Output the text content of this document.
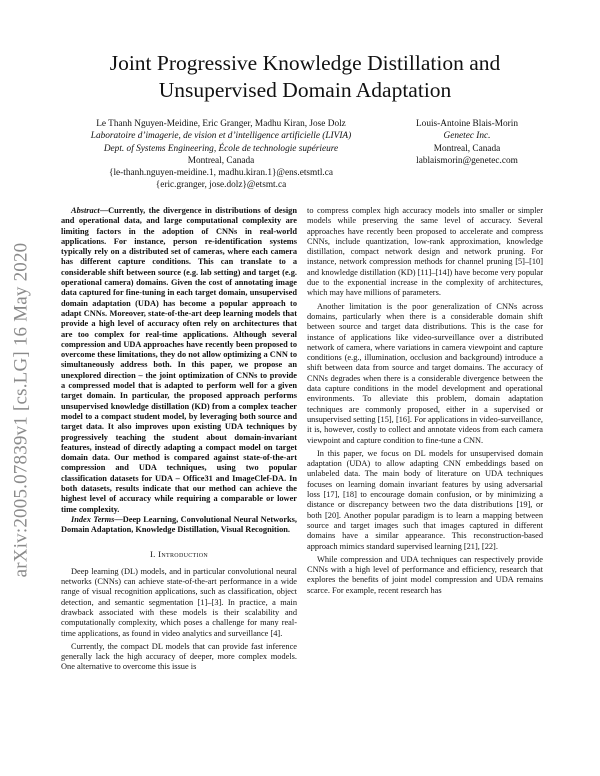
arXiv:2005.07839v1 [cs.LG] 16 May 2020
Joint Progressive Knowledge Distillation and Unsupervised Domain Adaptation
Le Thanh Nguyen-Meidine, Eric Granger, Madhu Kiran, Jose Dolz
Laboratoire d’imagerie, de vision et d’intelligence artificielle (LIVIA)
Dept. of Systems Engineering, École de technologie supérieure
Montreal, Canada
{le-thanh.nguyen-meidine.1, madhu.kiran.1}@ens.etsmtl.ca
{eric.granger, jose.dolz}@etsmt.ca
Louis-Antoine Blais-Morin
Genetec Inc.
Montreal, Canada
lablaismorin@genetec.com

Abstract—Currently, the divergence in distributions of design and operational data, and large computational complexity are limiting factors in the adoption of CNNs in real-world applications. For instance, person re-identification systems typically rely on a distributed set of cameras, where each camera has different capture conditions. This can translate to a considerable shift between source (e.g. lab setting) and target (e.g. operational camera) domains. Given the cost of annotating image data captured for fine-tuning in each target domain, unsupervised domain adaptation (UDA) has become a popular approach to adapt CNNs. Moreover, state-of-the-art deep learning models that provide a high level of accuracy often rely on architectures that are too complex for real-time applications. Although several compression and UDA approaches have recently been proposed to overcome these limitations, they do not allow optimizing a CNN to simultaneously address both. In this paper, we propose an unexplored direction – the joint optimization of CNNs to provide a compressed model that is adapted to perform well for a given target domain. In particular, the proposed approach performs unsupervised knowledge distillation (KD) from a complex teacher model to a compact student model, by leveraging both source and target data. It also improves upon existing UDA techniques by progressively teaching the student about domain-invariant features, instead of directly adapting a compact model on target domain data. Our method is compared against state-of-the-art compression and UDA techniques, using two popular classification datasets for UDA – Office31 and ImageClef-DA. In both datasets, results indicate that our method can achieve the highest level of accuracy while requiring a comparable or lower time complexity.

Index Terms—Deep Learning, Convolutional Neural Networks, Domain Adaptation, Knowledge Distillation, Visual Recognition.

I. Introduction

Deep learning (DL) models, and in particular convolutional neural networks (CNNs) can achieve state-of-the-art performance in a wide range of visual recognition applications, such as classification, object detection, and semantic segmentation [1]–[3]. In practice, a main drawback associated with these models is their scalability and computationally complexity, which poses a challenge for many real-time applications, as found in video analytics and surveillance [4].

Currently, the compact DL models that can provide fast inference generally lack the high accuracy of deeper, more complex models. One alternative to overcome this issue is

to compress complex high accuracy models into smaller or simpler models while preserving the same level of accuracy. Several approaches have recently been proposed to accelerate and compress CNNs, include quantization, low-rank approximation, knowledge distillation, compact network design and network pruning. For instance, network compression methods for channel pruning [5]–[10] and knowledge distillation (KD) [11]–[14]) have become very popular due to the exponential increase in the complexity of architectures, which may have millions of parameters.

Another limitation is the poor generalization of CNNs across domains, particularly when there is a considerable domain shift between source and target data distributions. This is the case for instance of applications like video-surveillance over a distributed network of camera, where variations in camera viewpoint and capture conditions (e.g., illumination, occlusion and background) introduce a shift between data from source and target domains. The accuracy of CNNs degrades when there is a considerable divergence between the data capture conditions in the model development and operational environments. To alleviate this problem, domain adaptation techniques are commonly proposed, either in a supervised or unsupervised setting [15], [16]. For applications in video-surveillance, it is, however, costly to collect and annotate videos from each camera viewpoint and capture condition to fine-tune a CNN.

In this paper, we focus on DL models for unsupervised domain adaptation (UDA) to allow adapting CNN embeddings based on unlabeled data. The main body of literature on UDA techniques focuses on learning domain invariant features by using adversarial loss [17], [18] to encourage domain confusion, or by minimizing a distance or discrepancy between two the data distributions [19], or both [20]. Another popular paradigm is to learn a mapping between source and target images such that images captured in different domains have a similar appearance. This reconstruction-based approach mimics standard supervised learning [21], [22].

While compression and UDA techniques can respectively provide CNNs with a high level of performance and efficiency, research that explores the benefits of joint model compression and UDA remains scarce. For example, recent research has
